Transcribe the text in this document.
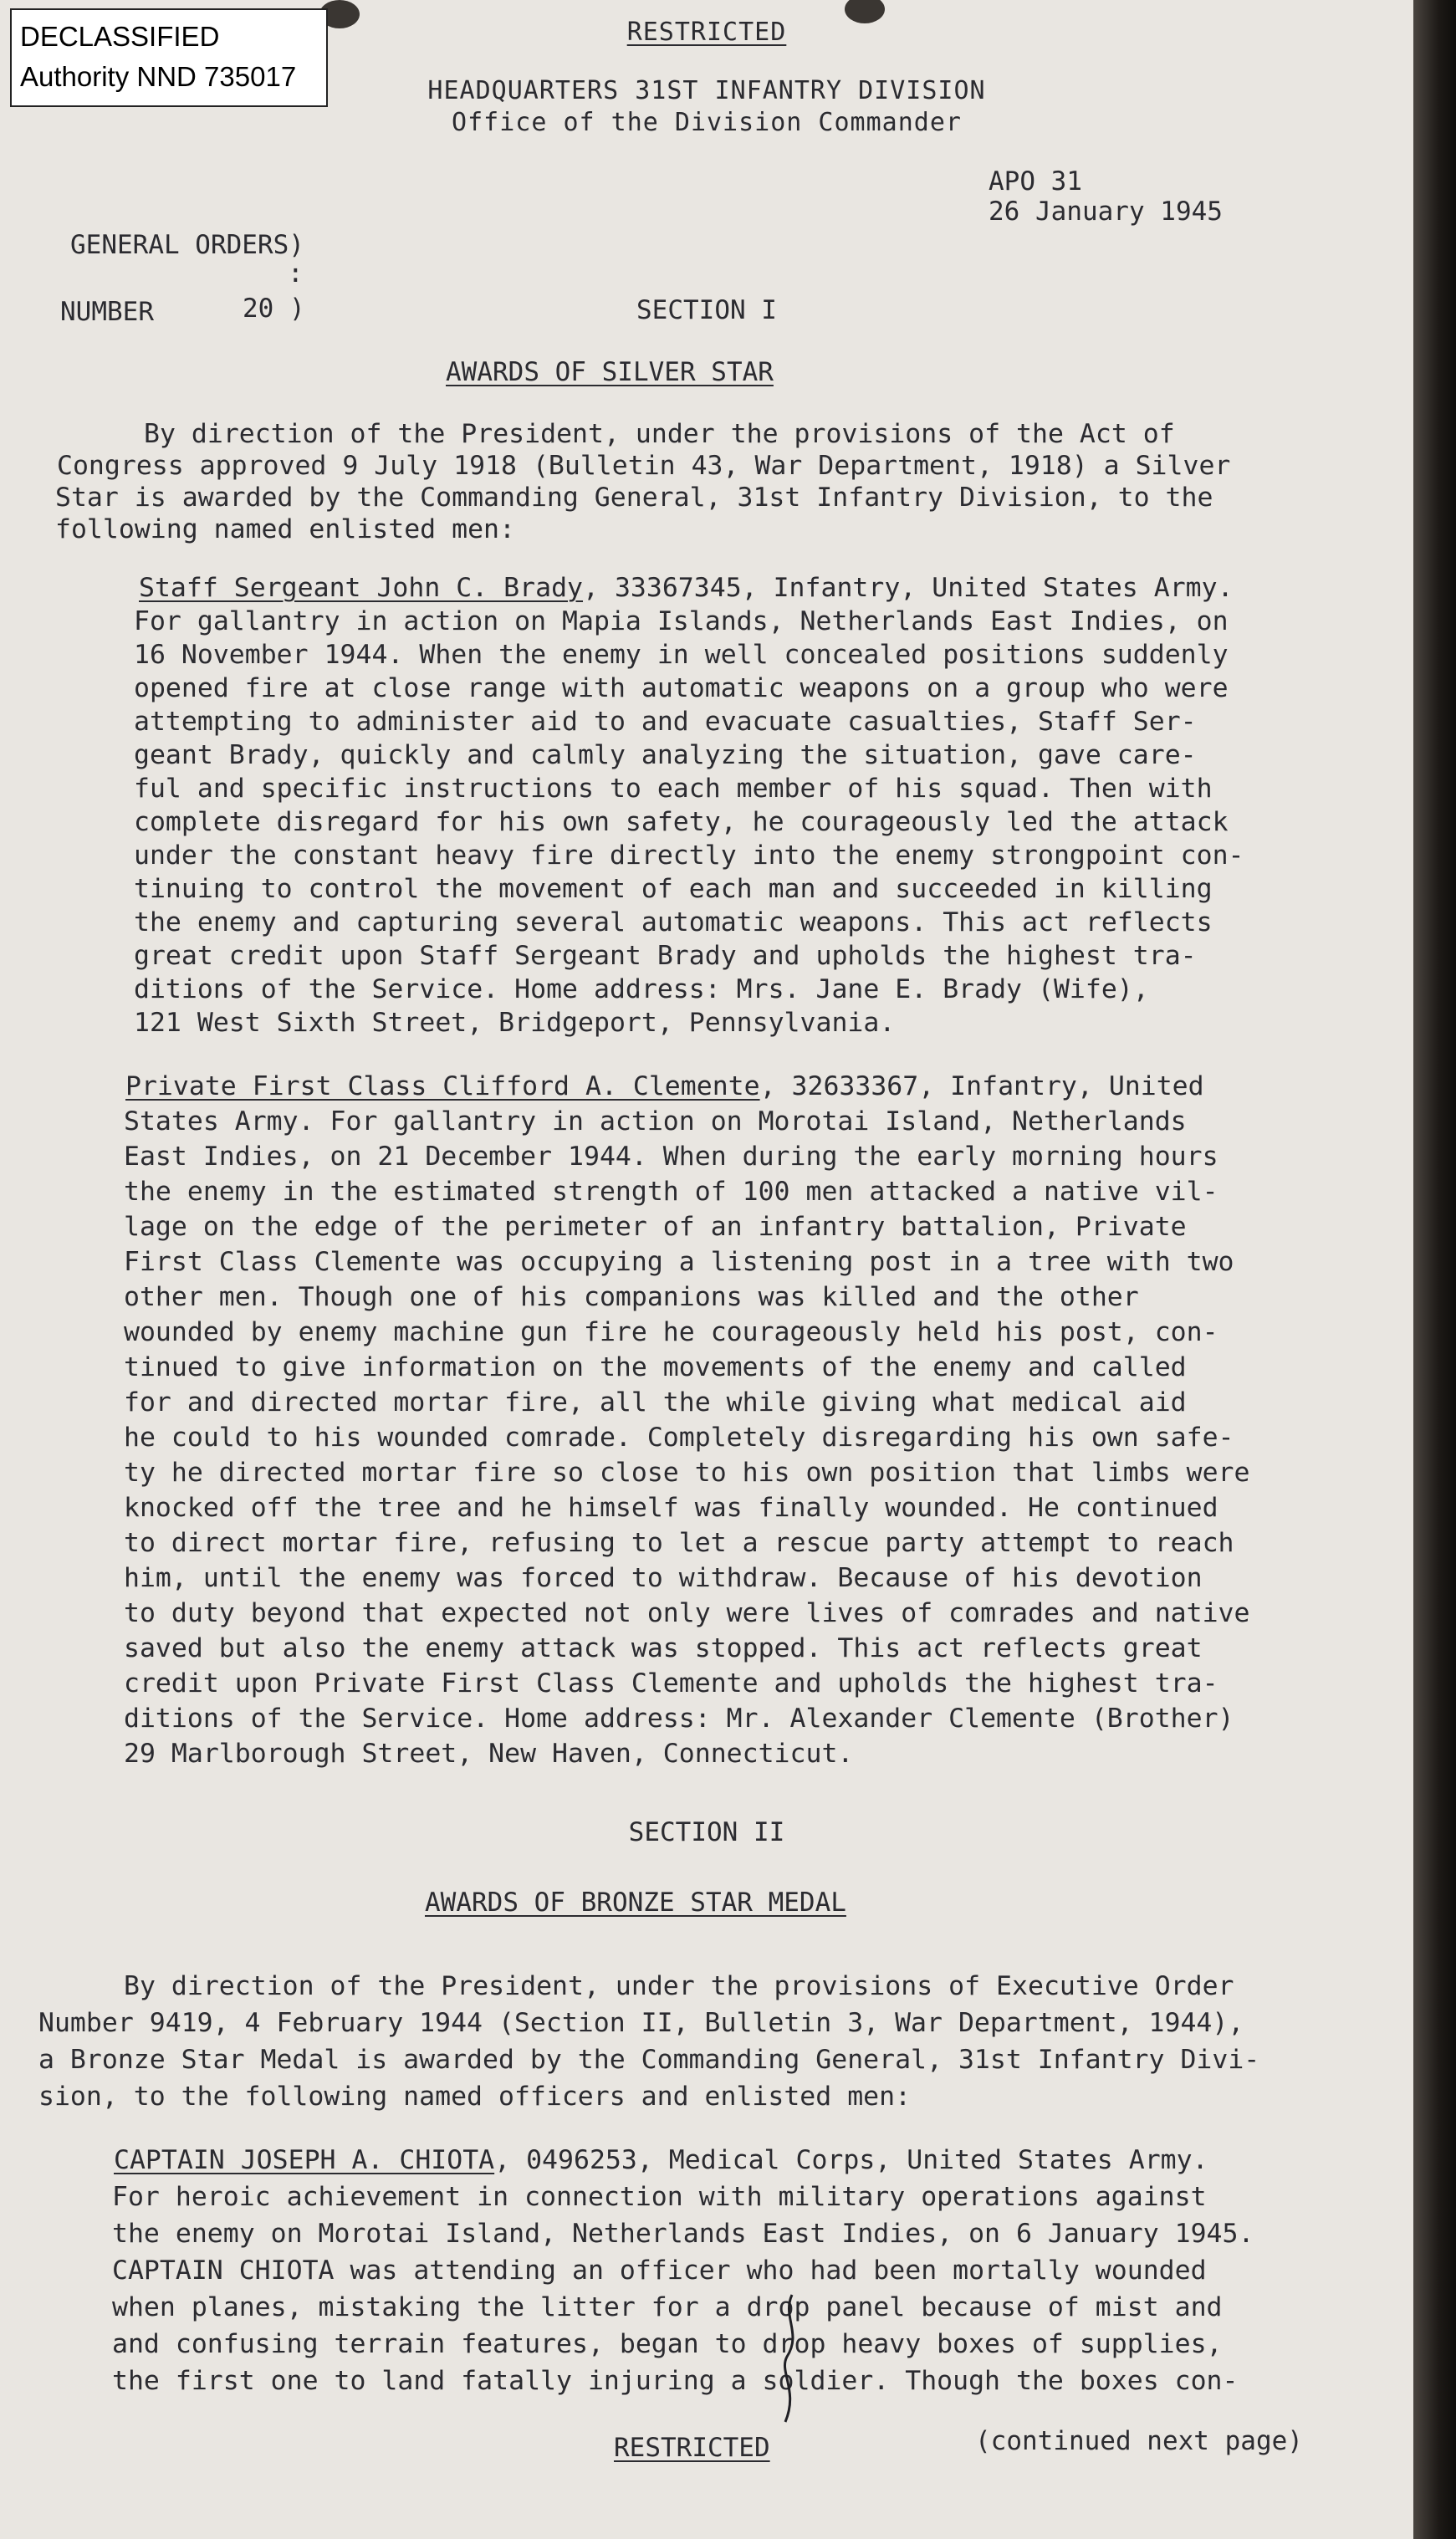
DECLASSIFIED
Authority NND 735017
RESTRICTED
HEADQUARTERS 31ST INFANTRY DIVISION
Office of the Division Commander
APO 31
26 January 1945
GENERAL ORDERS)
:
NUMBER	20 )	SECTION I
AWARDS OF SILVER STAR
By direction of the President, under the provisions of the Act of
Congress approved 9 July 1918 (Bulletin 43, War Department, 1918) a Silver
Star is awarded by the Commanding General, 31st Infantry Division, to the
following named enlisted men:
Staff Sergeant John C. Brady, 33367345, Infantry, United States Army.
For gallantry in action on Mapia Islands, Netherlands East Indies, on
16 November 1944. When the enemy in well concealed positions suddenly
opened fire at close range with automatic weapons on a group who were
attempting to administer aid to and evacuate casualties, Staff Ser-
geant Brady, quickly and calmly analyzing the situation, gave care-
ful and specific instructions to each member of his squad. Then with
complete disregard for his own safety, he courageously led the attack
under the constant heavy fire directly into the enemy strongpoint con-
tinuing to control the movement of each man and succeeded in killing
the enemy and capturing several automatic weapons. This act reflects
great credit upon Staff Sergeant Brady and upholds the highest tra-
ditions of the Service. Home address: Mrs. Jane E. Brady (Wife),
121 West Sixth Street, Bridgeport, Pennsylvania.
Private First Class Clifford A. Clemente, 32633367, Infantry, United
States Army. For gallantry in action on Morotai Island, Netherlands
East Indies, on 21 December 1944. When during the early morning hours
the enemy in the estimated strength of 100 men attacked a native vil-
lage on the edge of the perimeter of an infantry battalion, Private
First Class Clemente was occupying a listening post in a tree with two
other men. Though one of his companions was killed and the other
wounded by enemy machine gun fire he courageously held his post, con-
tinued to give information on the movements of the enemy and called
for and directed mortar fire, all the while giving what medical aid
he could to his wounded comrade. Completely disregarding his own safe-
ty he directed mortar fire so close to his own position that limbs were
knocked off the tree and he himself was finally wounded. He continued
to direct mortar fire, refusing to let a rescue party attempt to reach
him, until the enemy was forced to withdraw. Because of his devotion
to duty beyond that expected not only were lives of comrades and native
saved but also the enemy attack was stopped. This act reflects great
credit upon Private First Class Clemente and upholds the highest tra-
ditions of the Service. Home address: Mr. Alexander Clemente (Brother)
29 Marlborough Street, New Haven, Connecticut.
SECTION II
AWARDS OF BRONZE STAR MEDAL
By direction of the President, under the provisions of Executive Order
Number 9419, 4 February 1944 (Section II, Bulletin 3, War Department, 1944),
a Bronze Star Medal is awarded by the Commanding General, 31st Infantry Divi-
sion, to the following named officers and enlisted men:
CAPTAIN JOSEPH A. CHIOTA, 0496253, Medical Corps, United States Army.
For heroic achievement in connection with military operations against
the enemy on Morotai Island, Netherlands East Indies, on 6 January 1945.
CAPTAIN CHIOTA was attending an officer who had been mortally wounded
when planes, mistaking the litter for a drop panel because of mist and
and confusing terrain features, began to drop heavy boxes of supplies,
the first one to land fatally injuring a soldier. Though the boxes con-
RESTRICTED	(continued next page)
